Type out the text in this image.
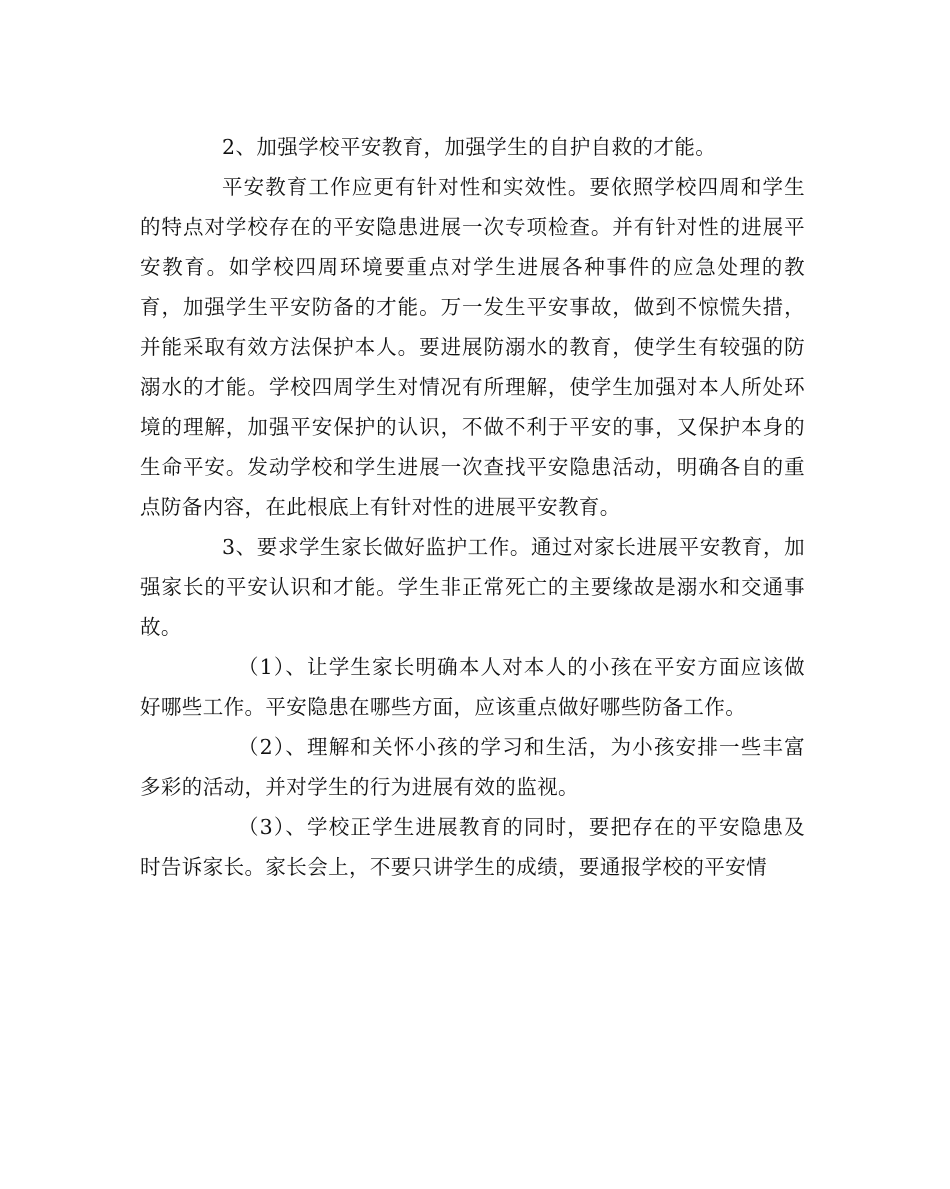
2、加强学校平安教育，加强学生的自护自救的才能。

平安教育工作应更有针对性和实效性。要依照学校四周和学生的特点对学校存在的平安隐患进展一次专项检查。并有针对性的进展平安教育。如学校四周环境要重点对学生进展各种事件的应急处理的教育，加强学生平安防备的才能。万一发生平安事故，做到不惊慌失措，并能采取有效方法保护本人。要进展防溺水的教育，使学生有较强的防溺水的才能。学校四周学生对情况有所理解，使学生加强对本人所处环境的理解，加强平安保护的认识，不做不利于平安的事，又保护本身的生命平安。发动学校和学生进展一次查找平安隐患活动，明确各自的重点防备内容，在此根底上有针对性的进展平安教育。

3、要求学生家长做好监护工作。通过对家长进展平安教育，加强家长的平安认识和才能。学生非正常死亡的主要缘故是溺水和交通事故。

（1）、让学生家长明确本人对本人的小孩在平安方面应该做好哪些工作。平安隐患在哪些方面，应该重点做好哪些防备工作。

（2）、理解和关怀小孩的学习和生活，为小孩安排一些丰富多彩的活动，并对学生的行为进展有效的监视。

（3）、学校正学生进展教育的同时，要把存在的平安隐患及时告诉家长。家长会上，不要只讲学生的成绩，要通报学校的平安情
